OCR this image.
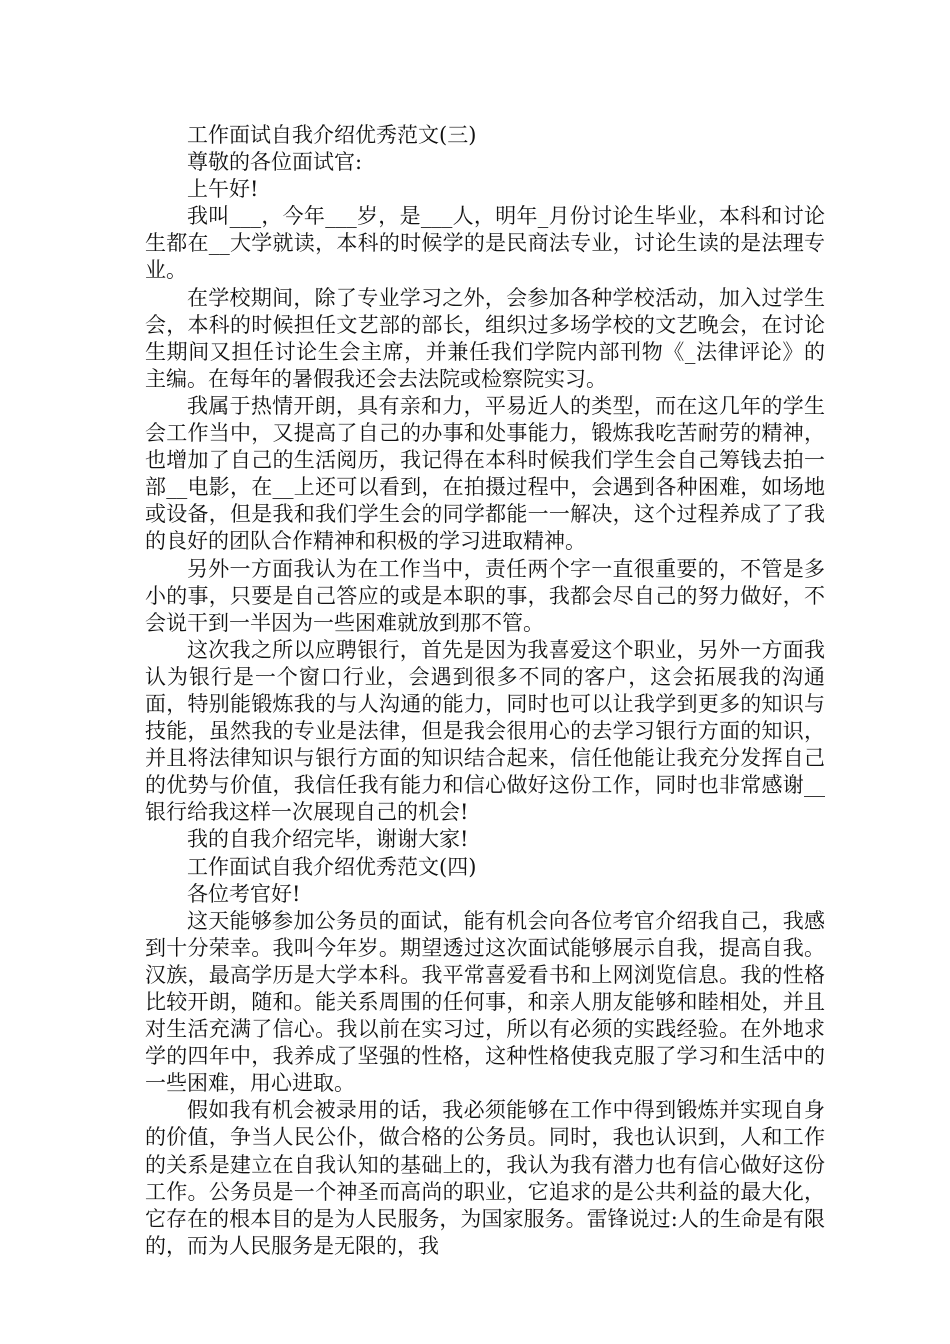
工作面试自我介绍优秀范文(三)

尊敬的各位面试官:

上午好!

我叫___，今年___岁，是___人，明年_月份讨论生毕业，本科和讨论生都在__大学就读，本科的时候学的是民商法专业，讨论生读的是法理专业。

在学校期间，除了专业学习之外，会参加各种学校活动，加入过学生会，本科的时候担任文艺部的部长，组织过多场学校的文艺晚会，在讨论生期间又担任讨论生会主席，并兼任我们学院内部刊物《_法律评论》的主编。在每年的暑假我还会去法院或检察院实习。

我属于热情开朗，具有亲和力，平易近人的类型，而在这几年的学生会工作当中，又提高了自己的办事和处事能力，锻炼我吃苦耐劳的精神，也增加了自己的生活阅历，我记得在本科时候我们学生会自己筹钱去拍一部__电影，在__上还可以看到，在拍摄过程中，会遇到各种困难，如场地或设备，但是我和我们学生会的同学都能一一解决，这个过程养成了了我的良好的团队合作精神和积极的学习进取精神。

另外一方面我认为在工作当中，责任两个字一直很重要的，不管是多小的事，只要是自己答应的或是本职的事，我都会尽自己的努力做好，不会说干到一半因为一些困难就放到那不管。

这次我之所以应聘银行，首先是因为我喜爱这个职业，另外一方面我认为银行是一个窗口行业，会遇到很多不同的客户，这会拓展我的沟通面，特别能锻炼我的与人沟通的能力，同时也可以让我学到更多的知识与技能，虽然我的专业是法律，但是我会很用心的去学习银行方面的知识，并且将法律知识与银行方面的知识结合起来，信任他能让我充分发挥自己的优势与价值，我信任我有能力和信心做好这份工作，同时也非常感谢__银行给我这样一次展现自己的机会!

我的自我介绍完毕，谢谢大家!

工作面试自我介绍优秀范文(四)

各位考官好!

这天能够参加公务员的面试，能有机会向各位考官介绍我自己，我感到十分荣幸。我叫今年岁。期望透过这次面试能够展示自我，提高自我。汉族，最高学历是大学本科。我平常喜爱看书和上网浏览信息。我的性格比较开朗，随和。能关系周围的任何事，和亲人朋友能够和睦相处，并且对生活充满了信心。我以前在实习过，所以有必须的实践经验。在外地求学的四年中，我养成了坚强的性格，这种性格使我克服了学习和生活中的一些困难，用心进取。

假如我有机会被录用的话，我必须能够在工作中得到锻炼并实现自身的价值，争当人民公仆，做合格的公务员。同时，我也认识到，人和工作的关系是建立在自我认知的基础上的，我认为我有潜力也有信心做好这份工作。公务员是一个神圣而高尚的职业，它追求的是公共利益的最大化，它存在的根本目的是为人民服务，为国家服务。雷锋说过:人的生命是有限的，而为人民服务是无限的，我
